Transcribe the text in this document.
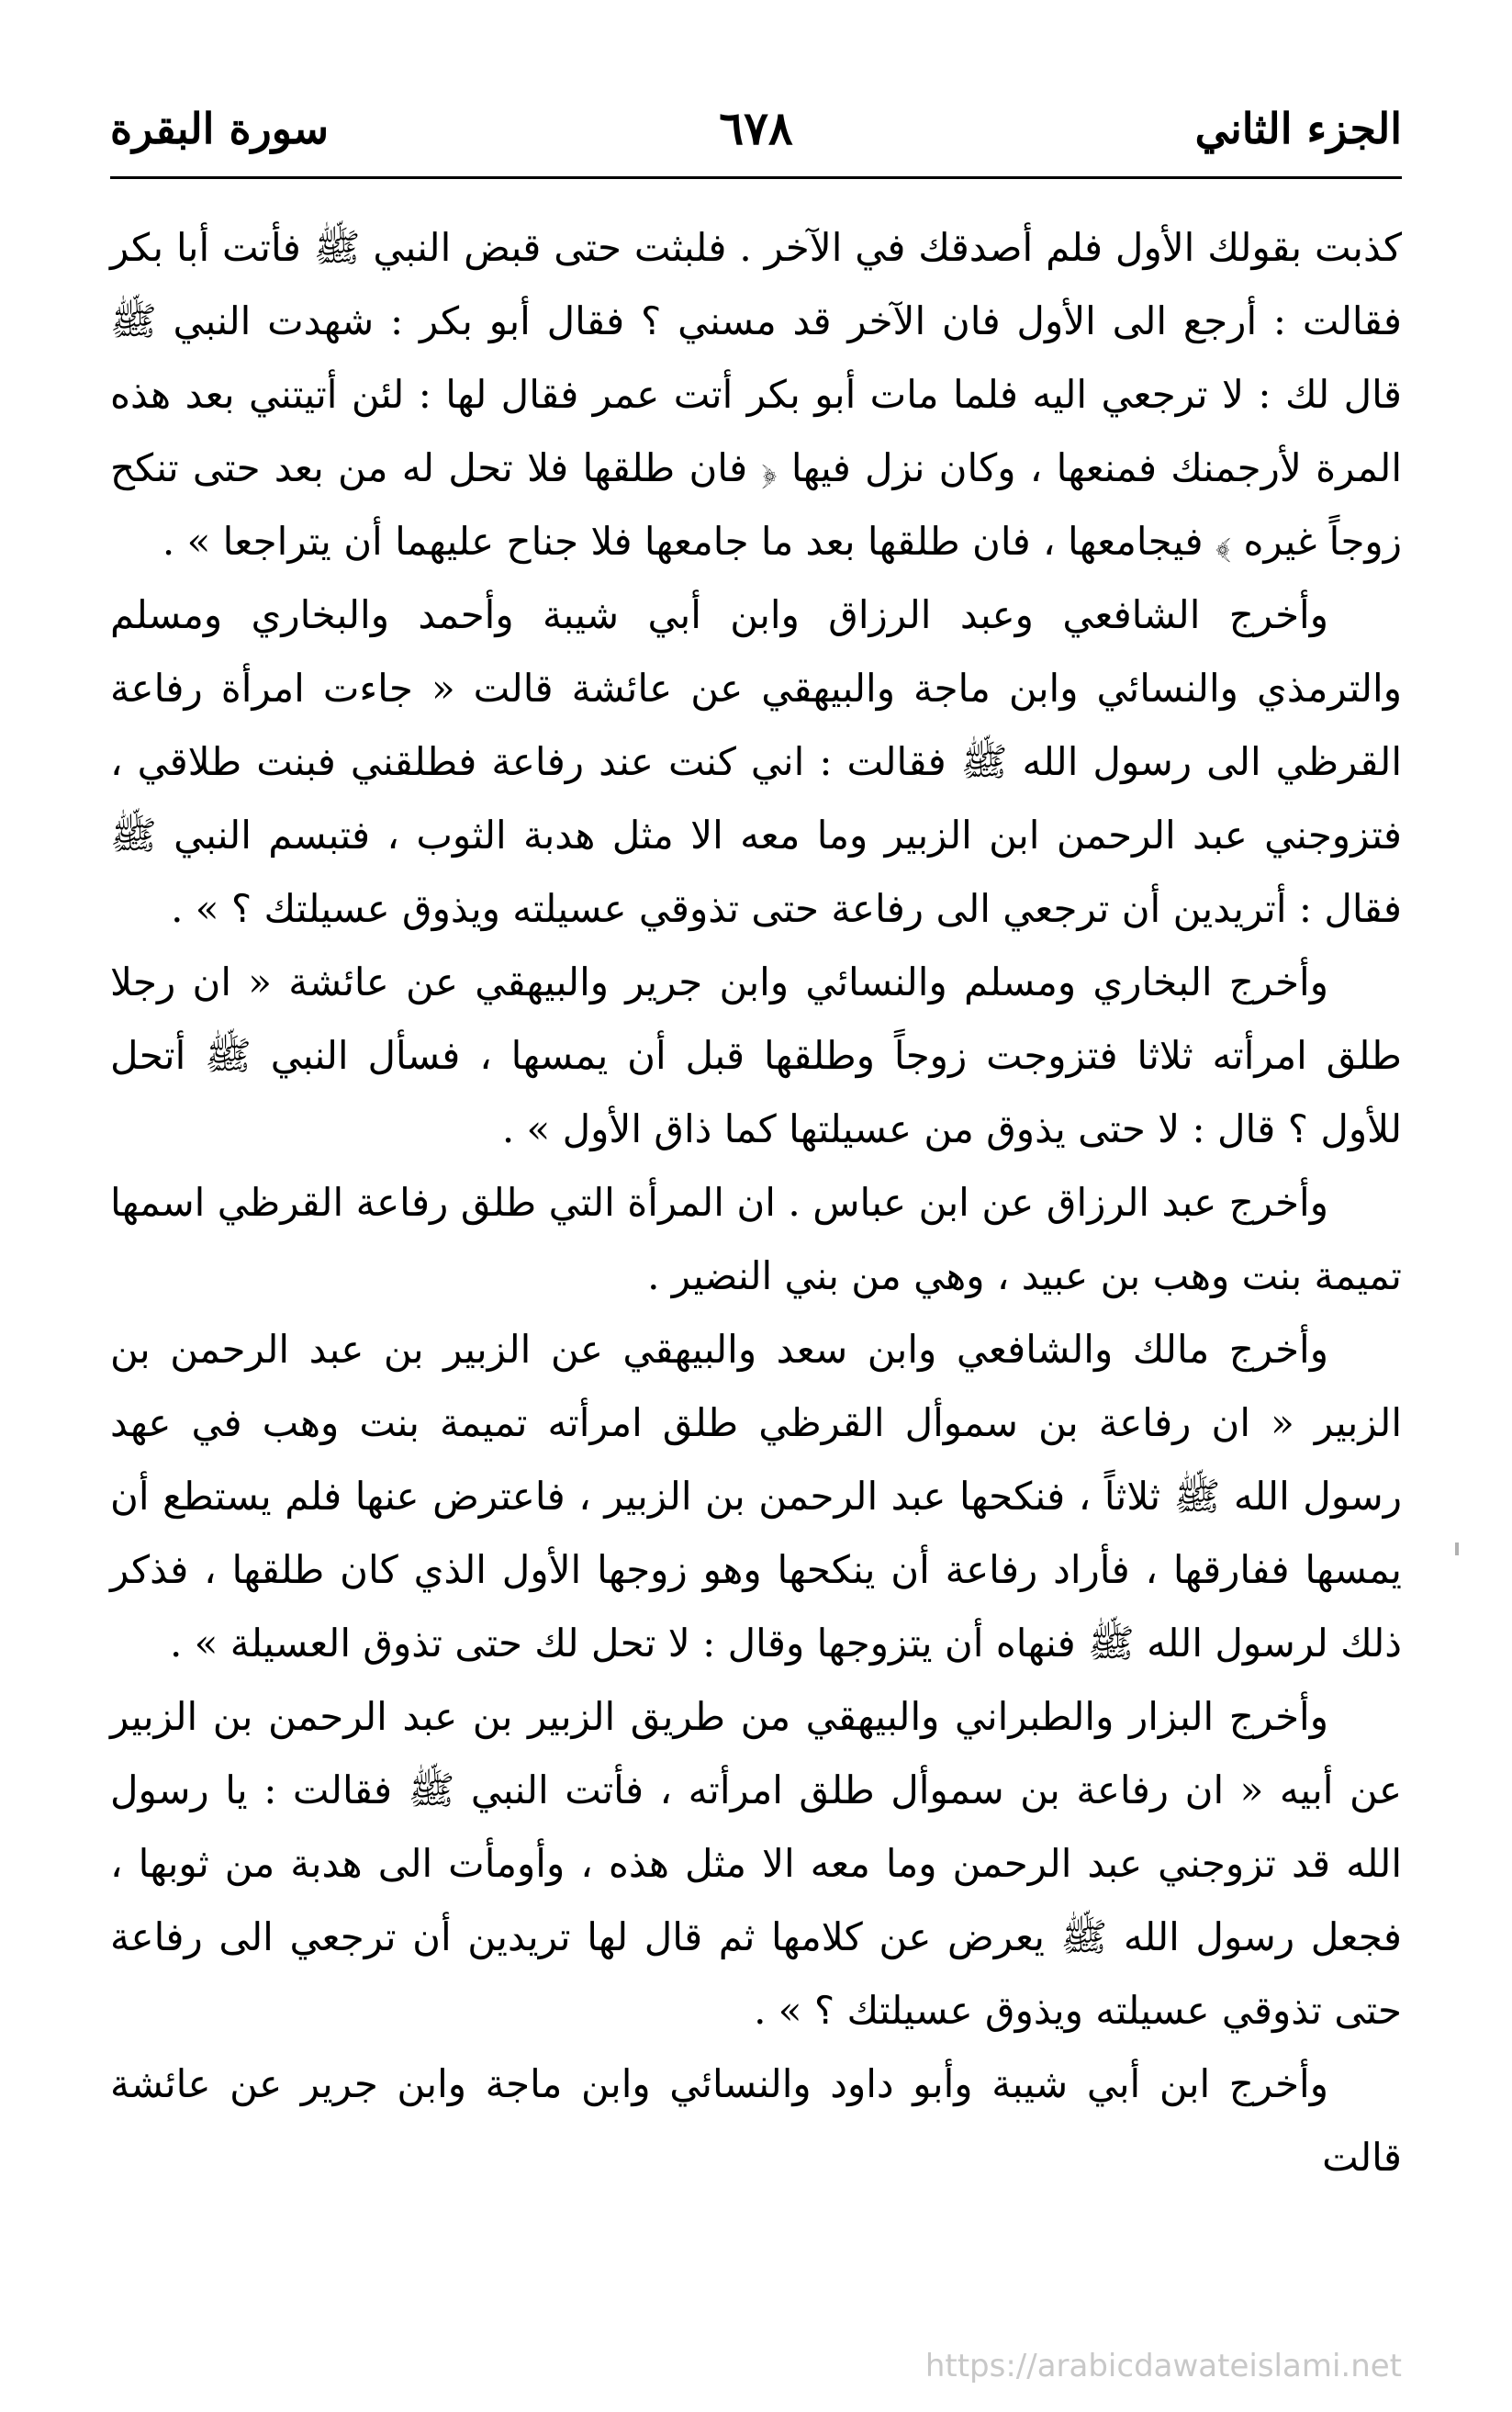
الجزء الثاني
٦٧٨
سورة البقرة

كذبت بقولك الأول فلم أصدقك في الآخر . فلبثت حتى قبض النبي ﷺ فأتت أبا بكر فقالت : أرجع الى الأول فان الآخر قد مسني ؟ فقال أبو بكر : شهدت النبي ﷺ قال لك : لا ترجعي اليه فلما مات أبو بكر أتت عمر فقال لها : لئن أتيتني بعد هذه المرة لأرجمنك فمنعها ، وكان نزل فيها ﴿ فان طلقها فلا تحل له من بعد حتى تنكح زوجاً غيره ﴾ فيجامعها ، فان طلقها بعد ما جامعها فلا جناح عليهما أن يتراجعا » .

وأخرج الشافعي وعبد الرزاق وابن أبي شيبة وأحمد والبخاري ومسلم والترمذي والنسائي وابن ماجة والبيهقي عن عائشة قالت « جاءت امرأة رفاعة القرظي الى رسول الله ﷺ فقالت : اني كنت عند رفاعة فطلقني فبنت طلاقي ، فتزوجني عبد الرحمن ابن الزبير وما معه الا مثل هدبة الثوب ، فتبسم النبي ﷺ فقال : أتريدين أن ترجعي الى رفاعة حتى تذوقي عسيلته ويذوق عسيلتك ؟ » .

وأخرج البخاري ومسلم والنسائي وابن جرير والبيهقي عن عائشة « ان رجلا طلق امرأته ثلاثا فتزوجت زوجاً وطلقها قبل أن يمسها ، فسأل النبي ﷺ أتحل للأول ؟ قال : لا حتى يذوق من عسيلتها كما ذاق الأول » .

وأخرج عبد الرزاق عن ابن عباس . ان المرأة التي طلق رفاعة القرظي اسمها تميمة بنت وهب بن عبيد ، وهي من بني النضير .

وأخرج مالك والشافعي وابن سعد والبيهقي عن الزبير بن عبد الرحمن بن الزبير « ان رفاعة بن سموأل القرظي طلق امرأته تميمة بنت وهب في عهد رسول الله ﷺ ثلاثاً ، فنكحها عبد الرحمن بن الزبير ، فاعترض عنها فلم يستطع أن يمسها ففارقها ، فأراد رفاعة أن ينكحها وهو زوجها الأول الذي كان طلقها ، فذكر ذلك لرسول الله ﷺ فنهاه أن يتزوجها وقال : لا تحل لك حتى تذوق العسيلة » .

وأخرج البزار والطبراني والبيهقي من طريق الزبير بن عبد الرحمن بن الزبير عن أبيه « ان رفاعة بن سموأل طلق امرأته ، فأتت النبي ﷺ فقالت : يا رسول الله قد تزوجني عبد الرحمن وما معه الا مثل هذه ، وأومأت الى هدبة من ثوبها ، فجعل رسول الله ﷺ يعرض عن كلامها ثم قال لها تريدين أن ترجعي الى رفاعة حتى تذوقي عسيلته ويذوق عسيلتك ؟ » .

وأخرج ابن أبي شيبة وأبو داود والنسائي وابن ماجة وابن جرير عن عائشة قالت

https://arabicdawateislami.net
